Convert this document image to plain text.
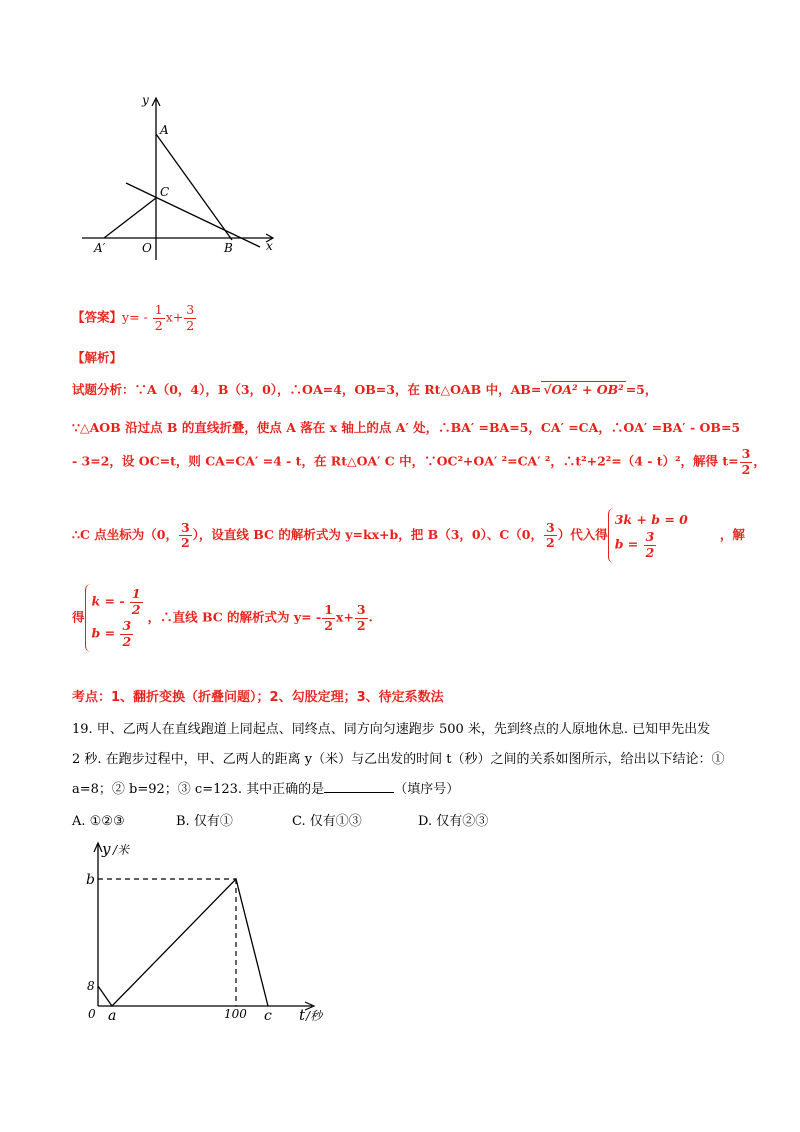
y
x
A
C
A′	O	B
【答案】$y= - \frac{1}{2} x+ \frac{3}{2}$
【解析】
试题分析：∵A（0，4），B（3，0），∴OA=4，OB=3，在 Rt△OAB 中，AB= √OA² + OB² =5，
∵△AOB 沿过点 B 的直线折叠，使点 A 落在 x 轴上的点 A′ 处，∴BA′ =BA=5，CA′ =CA，∴OA′ =BA′ - OB=5
- 3=2，设 OC=t，则 CA=CA′ =4 - t，在 Rt△OA′ C 中，∵OC²+OA′ ²=CA′ ²，∴t²+2²=（4 - t）²，解得 $t= \frac{3}{2}$ ，
∴C 点坐标为（0， $\frac{3}{2}$ ），设直线 BC 的解析式为 y=kx+b，把 B（3，0）、C（0， $\frac{3}{2}$ ）代入得
3k + b = 0
$b = \frac{3}{2}$	，解
得
k = - $\frac{1}{2}$
$b = \frac{3}{2}$
，∴直线 BC 的解析式为 $y= - \frac{1}{2} x+ \frac{3}{2}$ .
考点：1、翻折变换（折叠问题）；2、勾股定理；3、待定系数法
19. 甲、乙两人在直线跑道上同起点、同终点、同方向匀速跑步 500 米，先到终点的人原地休息. 已知甲先出发
2 秒. 在跑步过程中，甲、乙两人的距离 y（米）与乙出发的时间 t（秒）之间的关系如图所示，给出以下结论：①
a=8；② b=92；③ c=123. 其中正确的是	（填序号）
A. ①②③	B. 仅有①	C. 仅有①③	D. 仅有②③
y /米
b
8
0 a	100 c t /秒
